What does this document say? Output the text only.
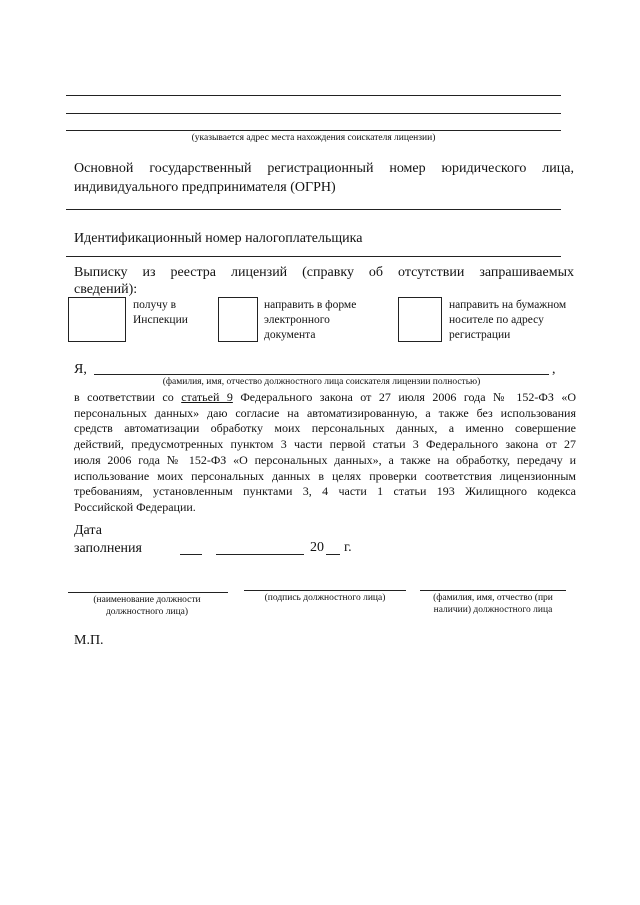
(указывается адрес места нахождения соискателя лицензии)
Основной государственный регистрационный номер юридического лица,
индивидуального предпринимателя (ОГРН)
Идентификационный номер налогоплательщика
Выписку из реестра лицензий (справку об отсутствии запрашиваемых
сведений):
получу в Инспекции
направить в форме электронного документа
направить на бумажном носителе по адресу регистрации
Я,	,
(фамилия, имя, отчество должностного лица соискателя лицензии полностью)
в соответствии со статьей 9 Федерального закона от 27 июля 2006 года № 152-ФЗ «О
персональных данных» даю согласие на автоматизированную, а также без использования
средств автоматизации обработку моих персональных данных, а именно совершение
действий, предусмотренных пунктом 3 части первой статьи 3 Федерального закона от 27
июля 2006 года № 152-ФЗ «О персональных данных», а также на обработку, передачу и
использование моих персональных данных в целях проверки соответствия лицензионным
требованиям, установленным пунктами 3, 4 части 1 статьи 193 Жилищного кодекса
Российской Федерации.
Дата
заполнения	20 г.
(наименование должности должностного лица)
(подпись должностного лица)	(фамилия, имя, отчество (при наличии) должностного лица
М.П.
